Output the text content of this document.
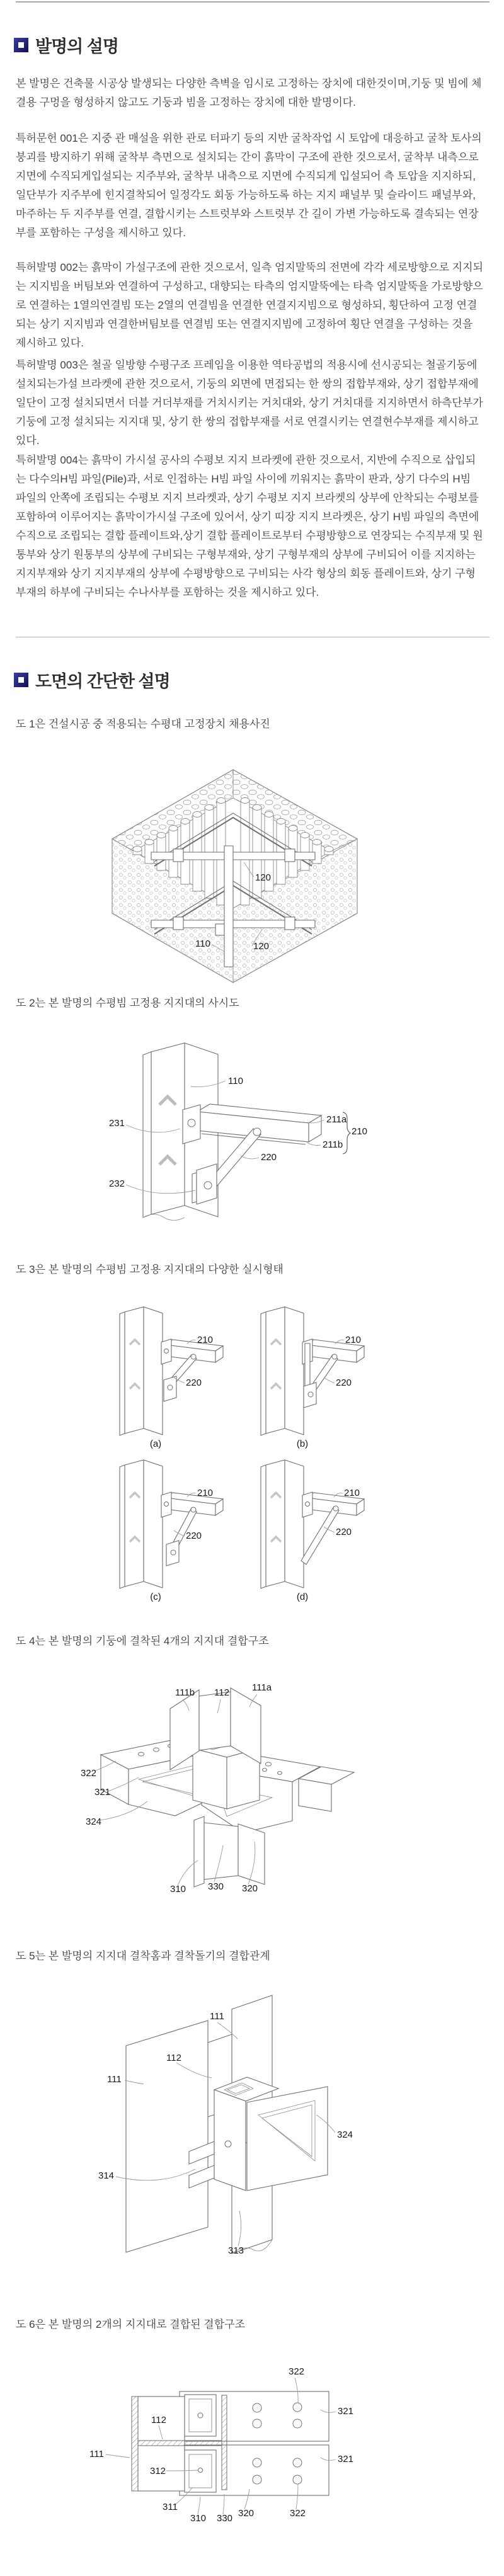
발명의 설명
본 발명은 건축물 시공상 발생되는 다양한 측벽을 임시로 고정하는 장치에 대한것이며,기둥 및 빔에 체결용 구멍을 형성하지 않고도 기둥과 빔을 고정하는 장치에 대한 발명이다.
특허문헌 001은 지중 관 매설을 위한 관로 터파기 등의 지반 굴착작업 시 토압에 대응하고 굴착 토사의 붕괴를 방지하기 위해 굴착부 측면으로 설치되는 간이 흙막이 구조에 관한 것으로서, 굴착부 내측으로 지면에 수직되게입설되는 지주부와, 굴착부 내측으로 지면에 수직되게 입설되어 측 토압을 지지하되, 일단부가 지주부에 힌지결착되어 일정각도 회동 가능하도록 하는 지지 패널부 및 슬라이드 패널부와, 마주하는 두 지주부를 연결, 결합시키는 스트럿부와 스트럿부 간 길이 가변 가능하도록 결속되는 연장부를 포함하는 구성을 제시하고 있다.
특허발명 002는 흙막이 가설구조에 관한 것으로서, 일측 엄지말뚝의 전면에 각각 세로방향으로 지지되는 지지빔을 버팀보와 연결하여 구성하고, 대향되는 타측의 엄지말뚝에는 타측 엄지말뚝을 가로방향으로 연결하는 1열의연결빔 또는 2열의 연결빔을 연결한 연결지지빔으로 형성하되, 횡단하여 고정 연결되는 상기 지지빔과 연결한버팀보를 연결빔 또는 연결지지빔에 고정하여 횡단 연결을 구성하는 것을 제시하고 있다.
특허발명 003은 철골 일방향 수평구조 프레임을 이용한 역타공법의 적용시에 선시공되는 철골기둥에 설치되는가설 브라켓에 관한 것으로서, 기둥의 외면에 면접되는 한 쌍의 접합부재와, 상기 접합부재에 일단이 고정 설치되면서 더블 거더부재를 거치시키는 거치대와, 상기 거치대를 지지하면서 하측단부가 기둥에 고정 설치되는 지지대 및, 상기 한 쌍의 접합부재를 서로 연결시키는 연결현수부재를 제시하고 있다.
특허발명 004는 흙막이 가시설 공사의 수평보 지지 브라켓에 관한 것으로서, 지반에 수직으로 삽입되는 다수의H빔 파일(Pile)과, 서로 인접하는 H빔 파일 사이에 끼워지는 흙막이 판과, 상기 다수의 H빔 파일의 안쪽에 조립되는 수평보 지지 브라켓과, 상기 수평보 지지 브라켓의 상부에 안착되는 수평보를 포함하여 이루어지는 흙막이가시설 구조에 있어서, 상기 띠장 지지 브라켓은, 상기 H빔 파일의 측면에 수직으로 조립되는 결합 플레이트와,상기 결합 플레이트로부터 수평방향으로 연장되는 수직부재 및 원통부와 상기 원통부의 상부에 구비되는 구형부재와, 상기 구형부재의 상부에 구비되어 이를 지지하는 지지부재와 상기 지지부재의 상부에 수평방향으로 구비되는 사각 형상의 회동 플레이트와, 상기 구형부재의 하부에 구비되는 수나사부를 포함하는 것을 제시하고 있다.
도면의 간단한 설명
도 1은 건설시공 중 적용되는 수평대 고정장치 채용사진
120
110	120
도 2는 본 발명의 수평빔 고정용 지지대의 사시도
110
231
232
211a
211b
210
220
도 3은 본 발명의 수평빔 고정용 지지대의 다양한 실시형태
210
220
210
220
(a)	(b)
210
220
210
220
(c)	(d)
도 4는 본 발명의 기둥에 결착된 4개의 지지대 결합구조
111b 112 111a
322
321
324
310 330 320
도 5는 본 발명의 지지대 결착홈과 결착돌기의 결합관계
111
112
111
324
314
313
도 6은 본 발명의 2개의 지지대로 결합된 결합구조
322
321
112
111
312
321
311
310 330 320	322
